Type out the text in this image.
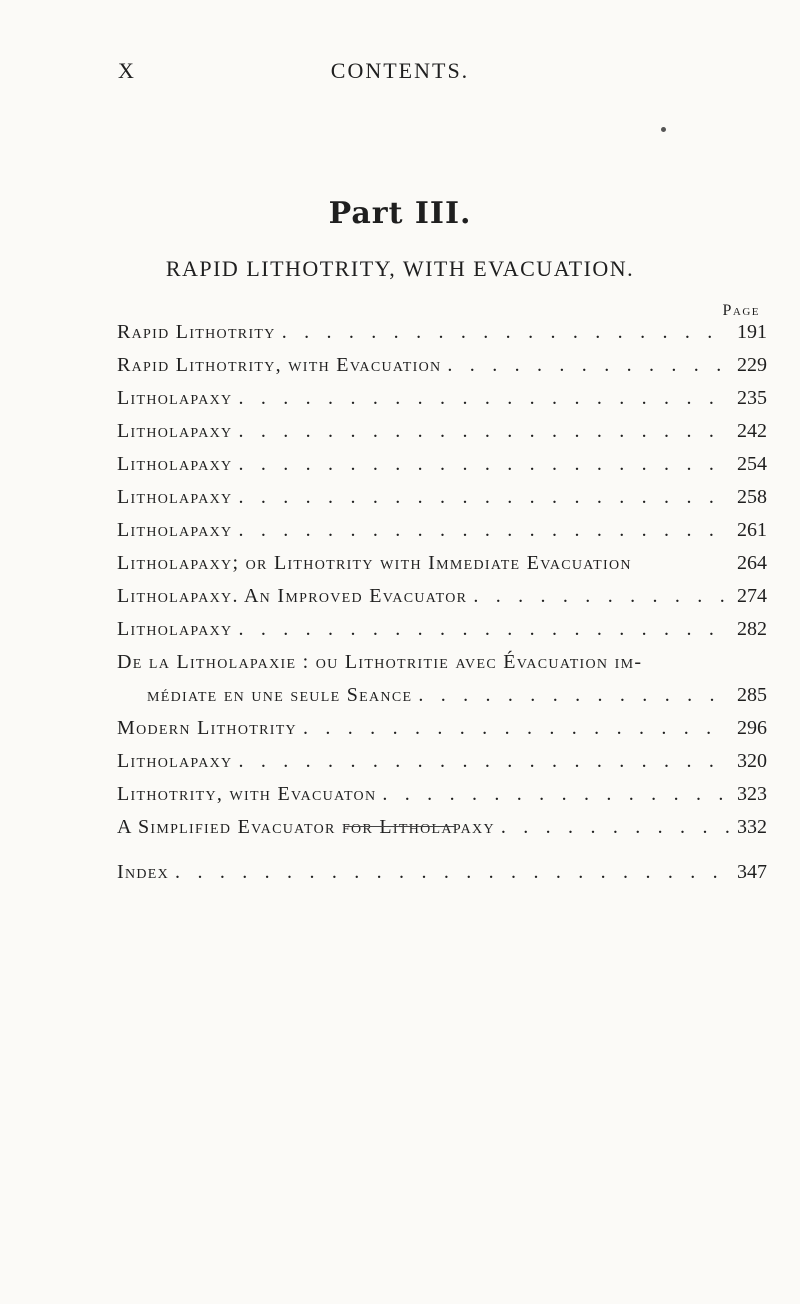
X	CONTENTS.
Part III.
RAPID LITHOTRITY, WITH EVACUATION.
Page
Rapid Lithotrity . . .	191
Rapid Lithotrity, with Evacuation . . .	229
Litholapaxy . . .	235
Litholapaxy . . .	242
Litholapaxy . . .	254
Litholapaxy . . .	258
Litholapaxy . . .	261
Litholapaxy; or Lithotrity with Immediate Evacuation	264
Litholapaxy. An Improved Evacuator . . .	274
Litholapaxy . . .	282
De la Litholapaxie : ou Lithotritie avec Évacuation im-
médiate en une seule Seance . . .	285
Modern Lithotrity . . .	296
Litholapaxy . . .	320
Lithotrity, with Evacuaton . . .	323
A Simplified Evacuator for Litholapaxy . . .	332
Index . . .	347
